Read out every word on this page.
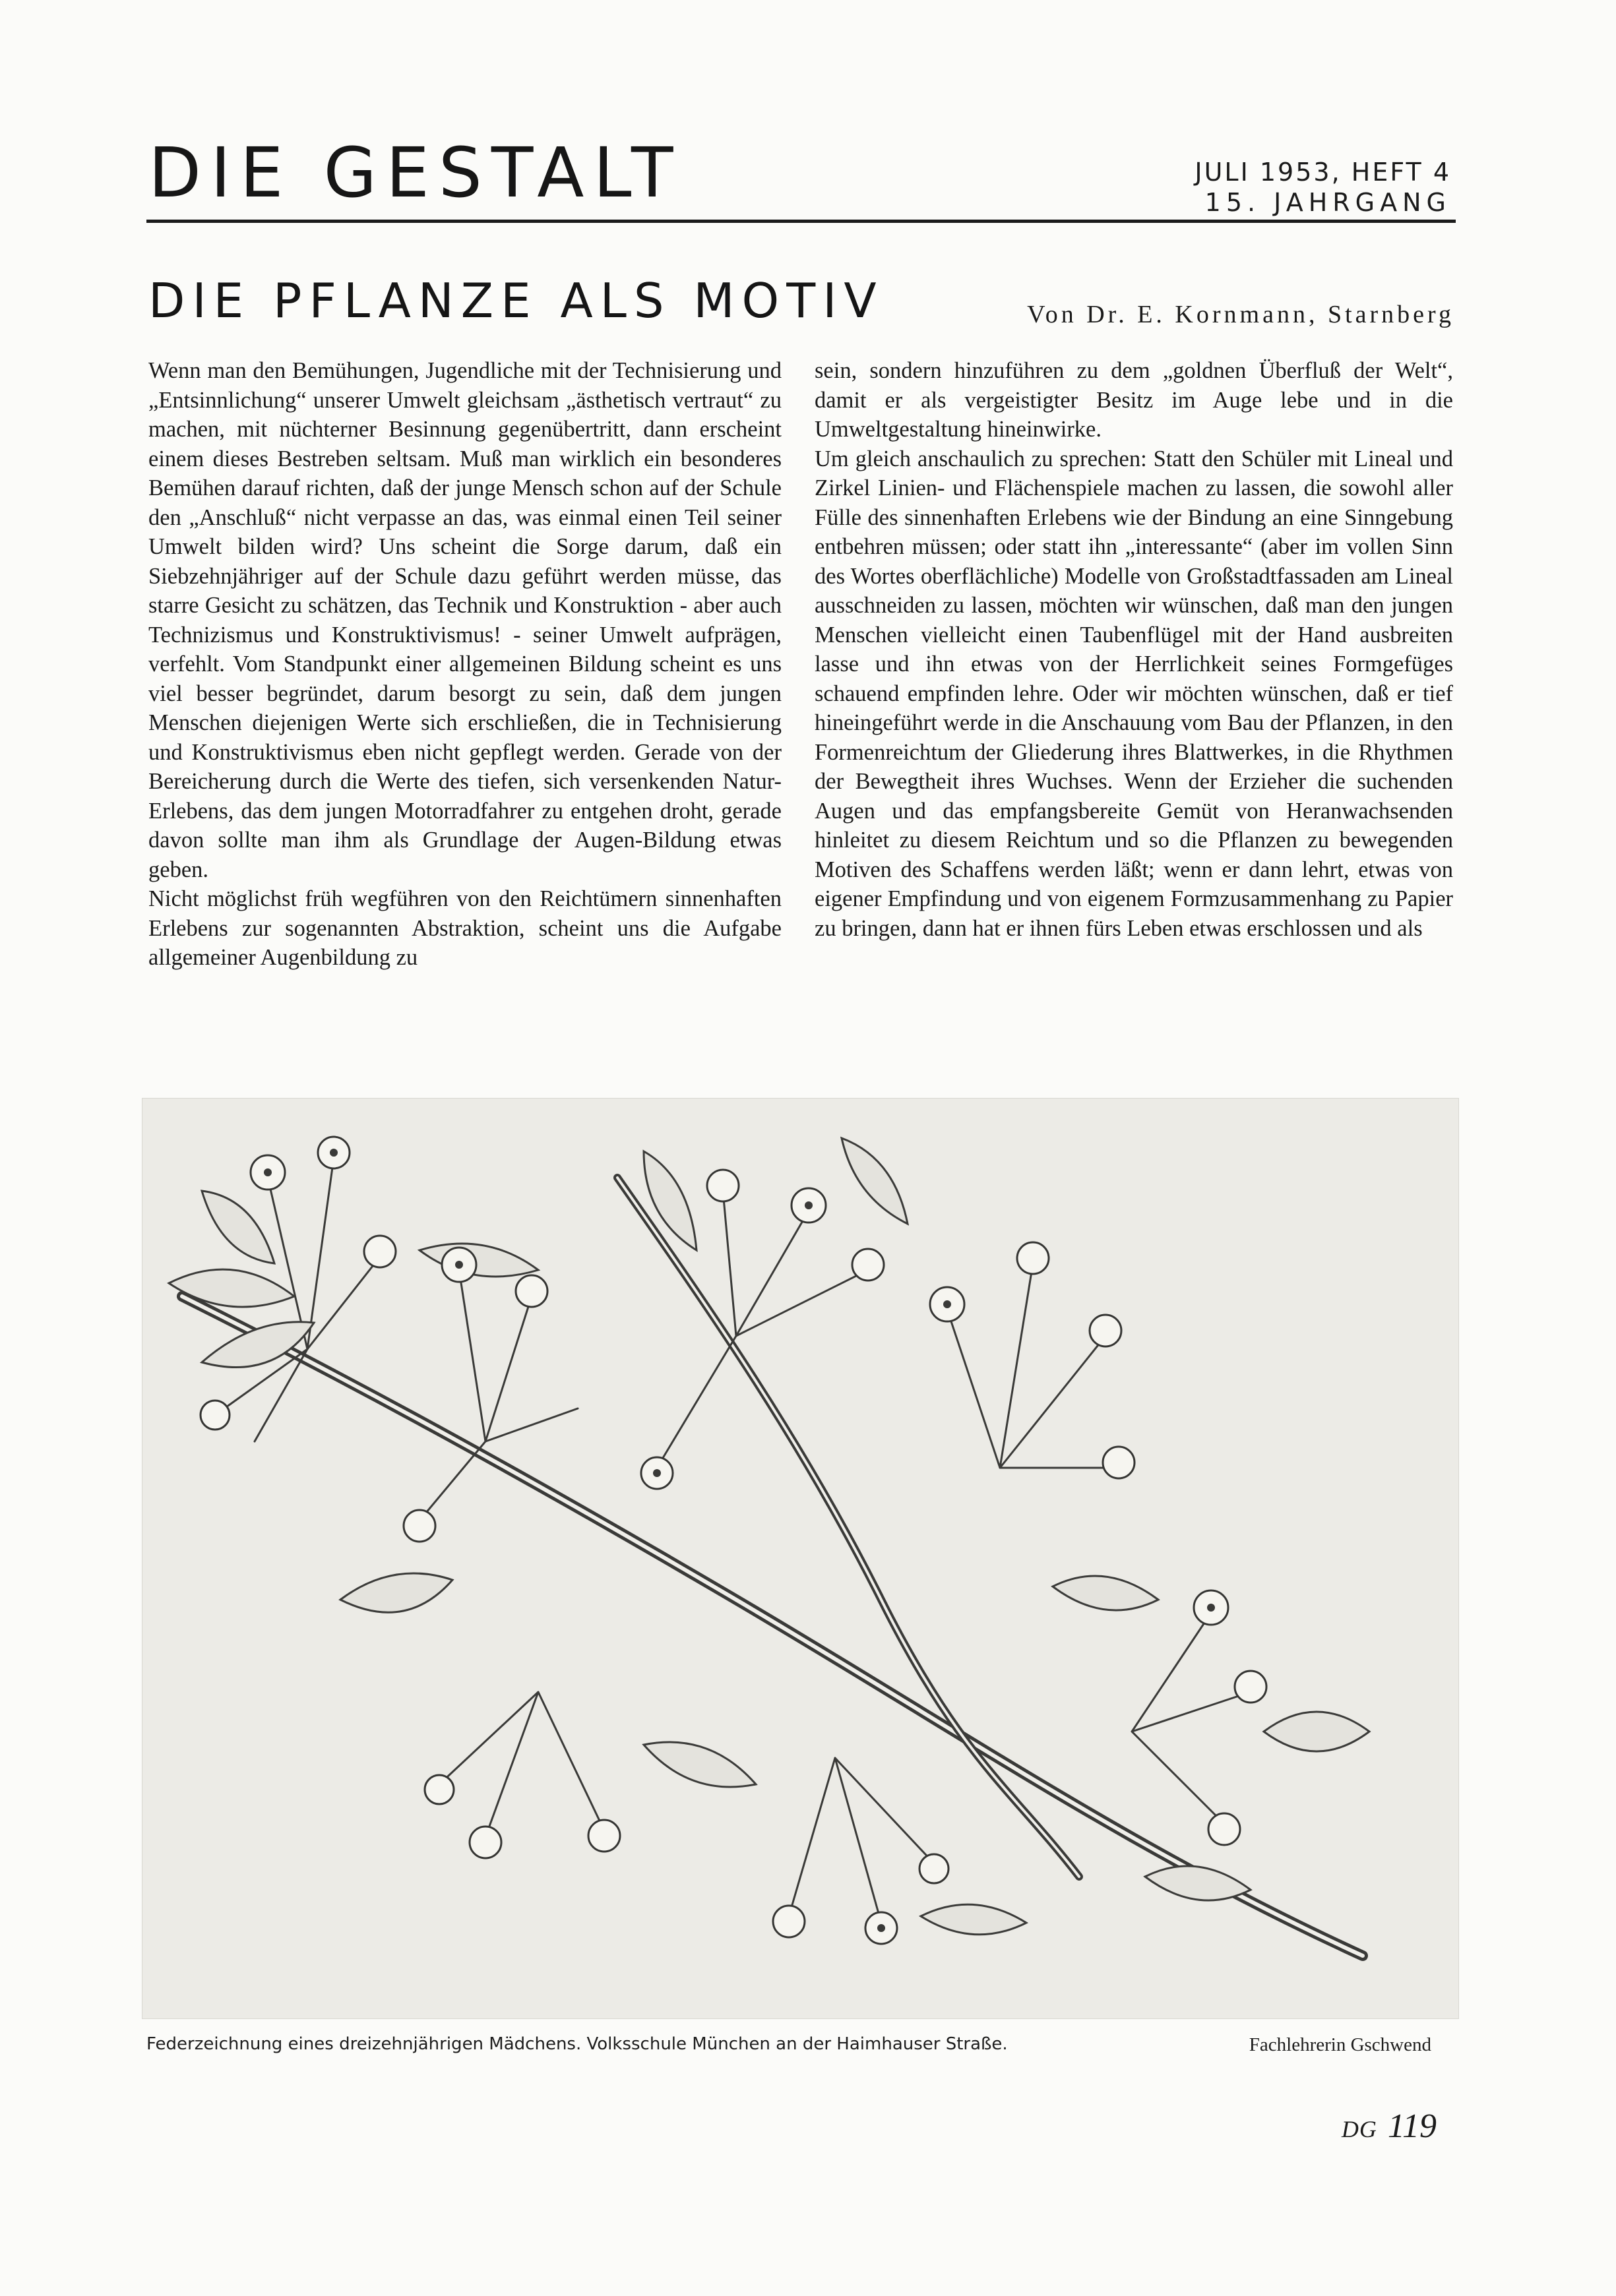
DIE GESTALT	JULI 1953, HEFT 4
15. JAHRGANG
DIE PFLANZE ALS MOTIV	Von Dr. E. Kornmann, Starnberg

Wenn man den Bemühungen, Jugendliche mit der Technisierung und „Entsinnlichung“ unserer Umwelt gleichsam „ästhetisch vertraut“ zu machen, mit nüchterner Besinnung gegenübertritt, dann erscheint einem dieses Bestreben seltsam. Muß man wirklich ein besonderes Bemühen darauf richten, daß der junge Mensch schon auf der Schule den „Anschluß“ nicht verpasse an das, was einmal einen Teil seiner Umwelt bilden wird? Uns scheint die Sorge darum, daß ein Siebzehnjähriger auf der Schule dazu geführt werden müsse, das starre Gesicht zu schätzen, das Technik und Konstruktion - aber auch Technizismus und Konstruktivismus! - seiner Umwelt aufprägen, verfehlt. Vom Standpunkt einer allgemeinen Bildung scheint es uns viel besser begründet, darum besorgt zu sein, daß dem jungen Menschen diejenigen Werte sich erschließen, die in Technisierung und Konstruktivismus eben nicht gepflegt werden. Gerade von der Bereicherung durch die Werte des tiefen, sich versenkenden Natur-Erlebens, das dem jungen Motorradfahrer zu entgehen droht, gerade davon sollte man ihm als Grundlage der Augen-Bildung etwas geben.

Nicht möglichst früh wegführen von den Reichtümern sinnenhaften Erlebens zur sogenannten Abstraktion, scheint uns die Aufgabe allgemeiner Augenbildung zu

sein, sondern hinzuführen zu dem „goldnen Überfluß der Welt“, damit er als vergeistigter Besitz im Auge lebe und in die Umweltgestaltung hineinwirke.

Um gleich anschaulich zu sprechen: Statt den Schüler mit Lineal und Zirkel Linien- und Flächenspiele machen zu lassen, die sowohl aller Fülle des sinnenhaften Erlebens wie der Bindung an eine Sinngebung entbehren müssen; oder statt ihn „interessante“ (aber im vollen Sinn des Wortes oberflächliche) Modelle von Großstadtfassaden am Lineal ausschneiden zu lassen, möchten wir wünschen, daß man den jungen Menschen vielleicht einen Taubenflügel mit der Hand ausbreiten lasse und ihn etwas von der Herrlichkeit seines Formgefüges schauend empfinden lehre. Oder wir möchten wünschen, daß er tief hineingeführt werde in die Anschauung vom Bau der Pflanzen, in den Formenreichtum der Gliederung ihres Blattwerkes, in die Rhythmen der Bewegtheit ihres Wuchses. Wenn der Erzieher die suchenden Augen und das empfangsbereite Gemüt von Heranwachsenden hinleitet zu diesem Reichtum und so die Pflanzen zu bewegenden Motiven des Schaffens werden läßt; wenn er dann lehrt, etwas von eigener Empfindung und von eigenem Formzusammenhang zu Papier zu bringen, dann hat er ihnen fürs Leben etwas erschlossen und als

Federzeichnung eines dreizehnjährigen Mädchens. Volksschule München an der Haimhauser Straße.	Fachlehrerin Gschwend
DG 119
